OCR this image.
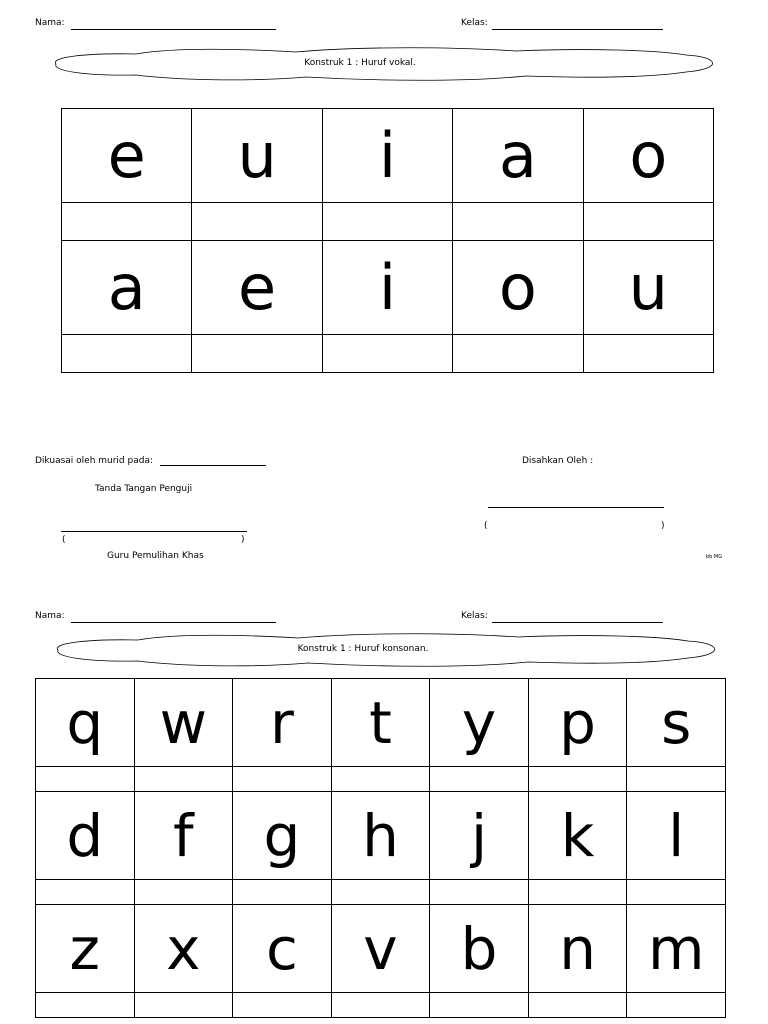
Nama:	Kelas:
Konstruk 1 : Huruf vokal.
e	u	i	a	o

a	e	i	o	u

Dikuasai oleh murid pada:	Disahkan Oleh :
Tanda Tangan Penguji
(	)
(	)
Guru Pemulihan Khas	bb MG
Nama:	Kelas:
Konstruk 1 : Huruf konsonan.
q	w	r	t	y	p	s

d	f	g	h	j	k	l

z	x	c	v	b	n	m
